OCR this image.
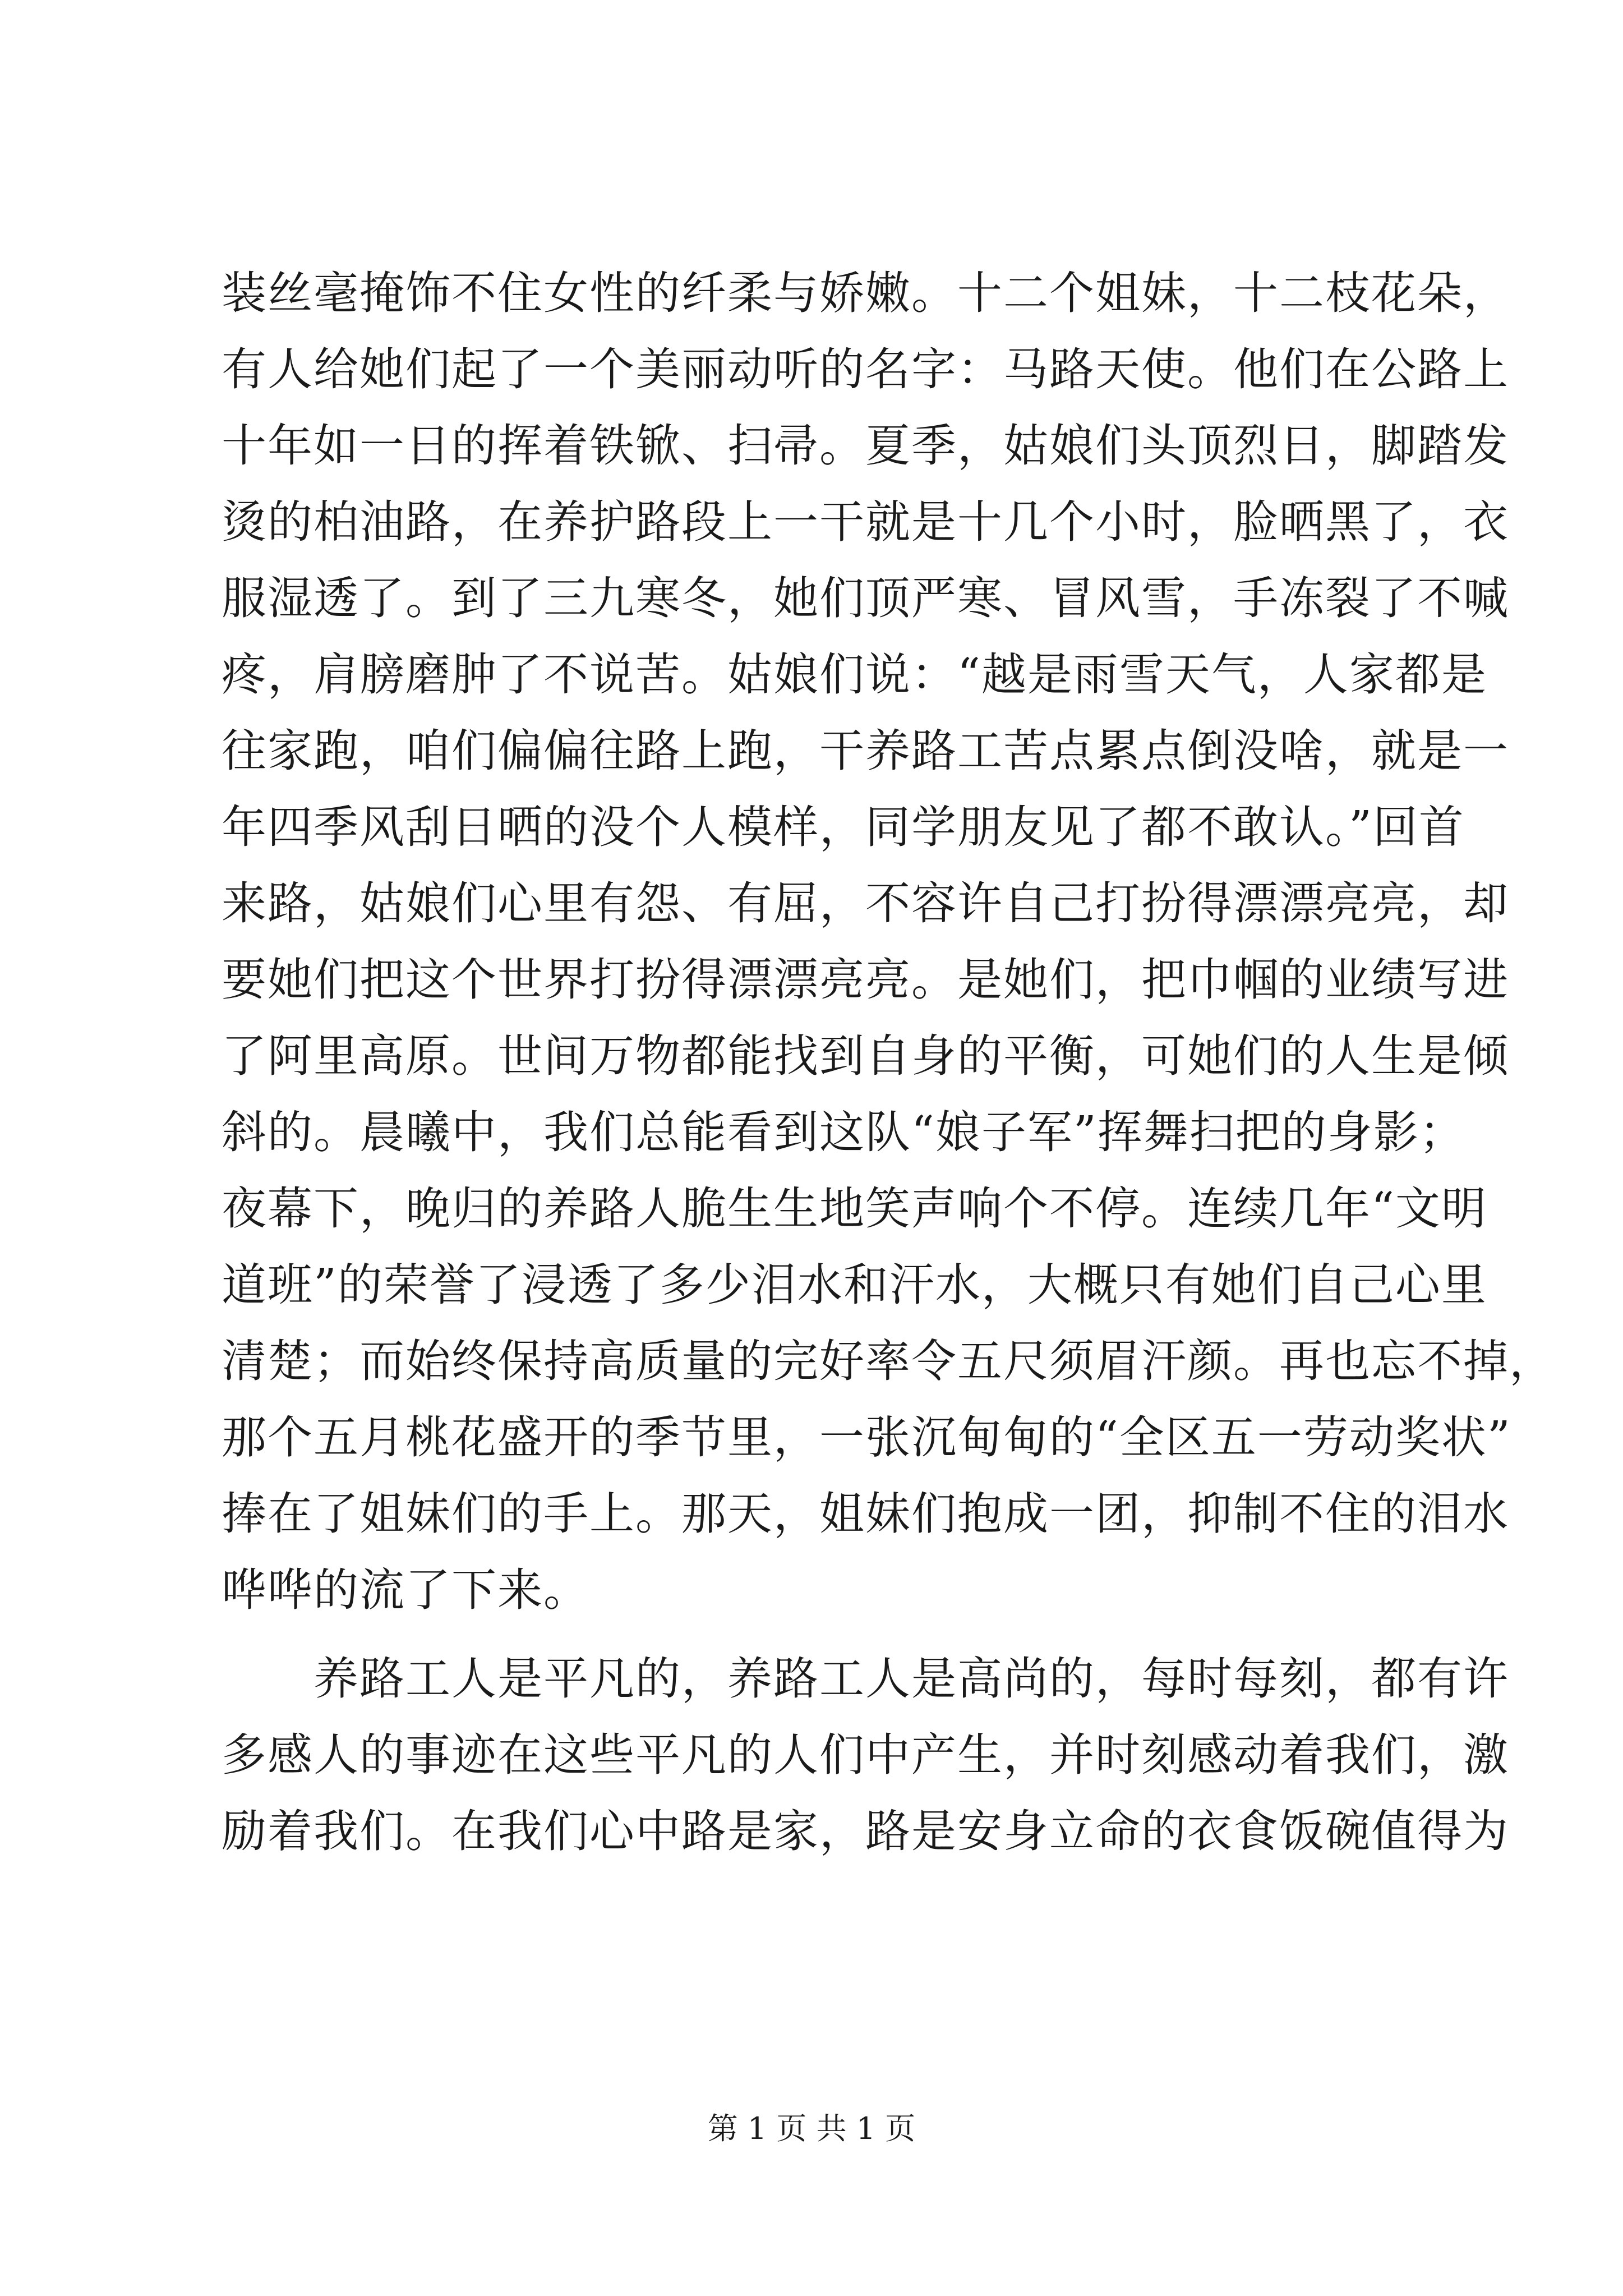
装丝毫掩饰不住女性的纤柔与娇嫩。十二个姐妹，十二枝花朵，
有人给她们起了一个美丽动听的名字：马路天使。他们在公路上
十年如一日的挥着铁锨、扫帚。夏季，姑娘们头顶烈日，脚踏发
烫的柏油路，在养护路段上一干就是十几个小时，脸晒黑了，衣
服湿透了。到了三九寒冬，她们顶严寒、冒风雪，手冻裂了不喊
疼，肩膀磨肿了不说苦。姑娘们说：“越是雨雪天气，人家都是
往家跑，咱们偏偏往路上跑，干养路工苦点累点倒没啥，就是一
年四季风刮日晒的没个人模样，同学朋友见了都不敢认。”回首
来路，姑娘们心里有怨、有屈，不容许自己打扮得漂漂亮亮，却
要她们把这个世界打扮得漂漂亮亮。是她们，把巾帼的业绩写进
了阿里高原。世间万物都能找到自身的平衡，可她们的人生是倾
斜的。晨曦中，我们总能看到这队“娘子军”挥舞扫把的身影；
夜幕下，晚归的养路人脆生生地笑声响个不停。连续几年“文明
道班”的荣誉了浸透了多少泪水和汗水，大概只有她们自己心里
清楚；而始终保持高质量的完好率令五尺须眉汗颜。再也忘不掉，
那个五月桃花盛开的季节里，一张沉甸甸的“全区五一劳动奖状”
捧在了姐妹们的手上。那天，姐妹们抱成一团，抑制不住的泪水
哗哗的流了下来。
　　养路工人是平凡的，养路工人是高尚的，每时每刻，都有许
多感人的事迹在这些平凡的人们中产生，并时刻感动着我们，激
励着我们。在我们心中路是家，路是安身立命的衣食饭碗值得为
第 1 页 共 1 页
